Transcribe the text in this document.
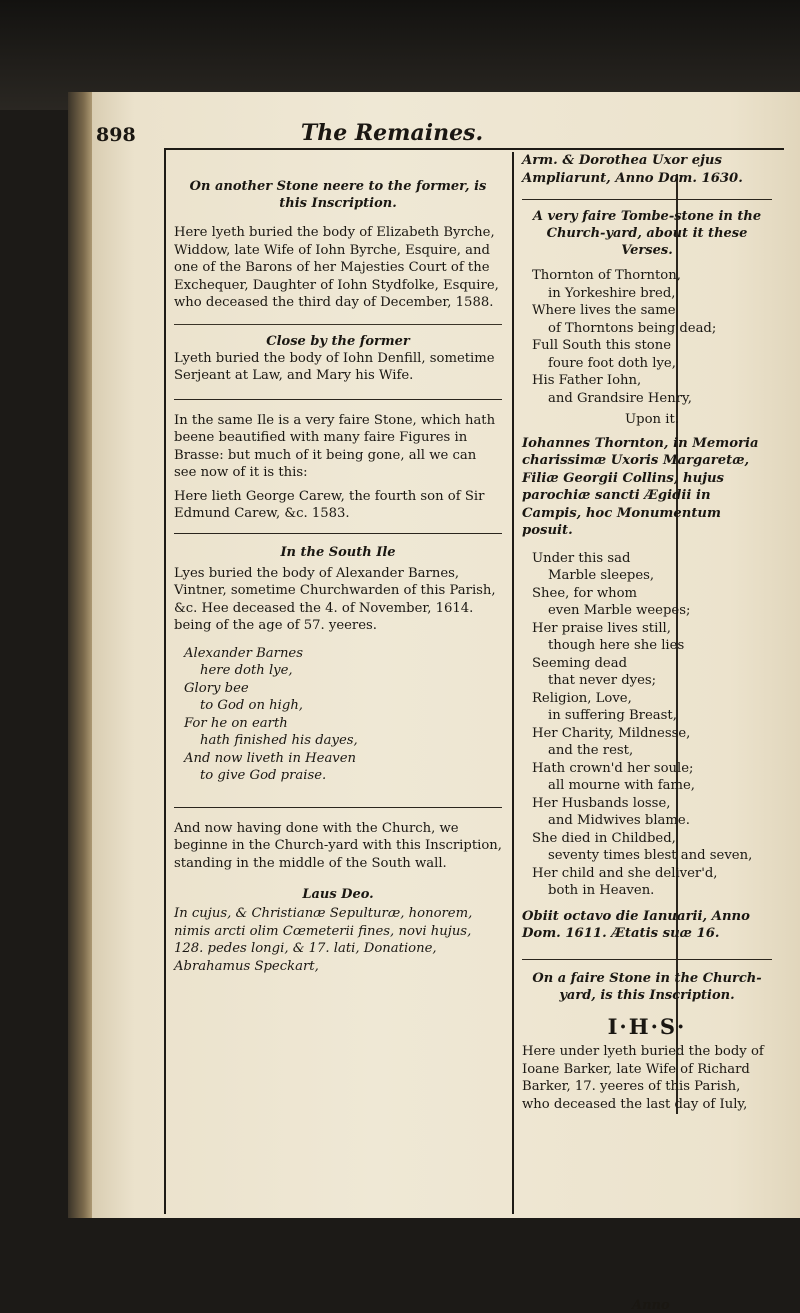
898	The Remaines.

On another Stone neere to the former, is this Inscription.

Here lyeth buried the body of Elizabeth Byrche, Widdow, late Wife of Iohn Byrche, Esquire, and one of the Barons of her Majesties Court of the Exchequer, Daughter of Iohn Stydfolke, Esquire, who deceased the third day of December, 1588.

Close by the former

Lyeth buried the body of Iohn Denfill, sometime Serjeant at Law, and Mary his Wife.

In the same Ile is a very faire Stone, which hath beene beautified with many faire Figures in Brasse: but much of it being gone, all we can see now of it is this:

Here lieth George Carew, the fourth son of Sir Edmund Carew, &c. 1583.

In the South Ile

Lyes buried the body of Alexander Barnes, Vintner, sometime Churchwarden of this Parish, &c. Hee deceased the 4. of November, 1614. being of the age of 57. yeeres.

Alexander Barnes
here doth lye,
Glory bee
to God on high,
For he on earth
hath finished his dayes,
And now liveth in Heaven
to give God praise.

And now having done with the Church, we beginne in the Church-yard with this Inscription, standing in the middle of the South wall.

Laus Deo.

In cujus, & Christianæ Sepulturæ, honorem, nimis arcti olim Cœmeterii fines, novi hujus, 128. pedes longi, & 17. lati, Donatione, Abrahamus Speckart,

Arm. & Dorothea Uxor ejus Ampliarunt, Anno Dom. 1630.

A very faire Tombe-stone in the Church-yard, about it these Verses.

Thornton of Thornton,
in Yorkeshire bred,
Where lives the same
of Thorntons being dead;
Full South this stone
foure foot doth lye,
His Father Iohn,
and Grandsire Henry,
Upon it.

Iohannes Thornton, in Memoria charissimæ Uxoris Margaretæ, Filiæ Georgii Collins, hujus parochiæ sancti Ægidii in Campis, hoc Monumentum posuit.

Under this sad
Marble sleepes,
Shee, for whom
even Marble weepes;
Her praise lives still,
though here she lies
Seeming dead
that never dyes;
Religion, Love,
in suffering Breast,
Her Charity, Mildnesse,
and the rest,
Hath crown'd her soule;
all mourne with fame,
Her Husbands losse,
and Midwives blame.
She died in Childbed,
seventy times blest and seven,
Her child and she deliver'd,
both in Heaven.

Obiit octavo die Ianuarii, Anno Dom. 1611. Ætatis suæ 16.

On a faire Stone in the Church-yard, is this Inscription.

I·H·S·

Here under lyeth buried the body of Ioane Barker, late Wife of Richard Barker, 17. yeeres of this Parish, who deceased the last day of Iuly,

Anno
